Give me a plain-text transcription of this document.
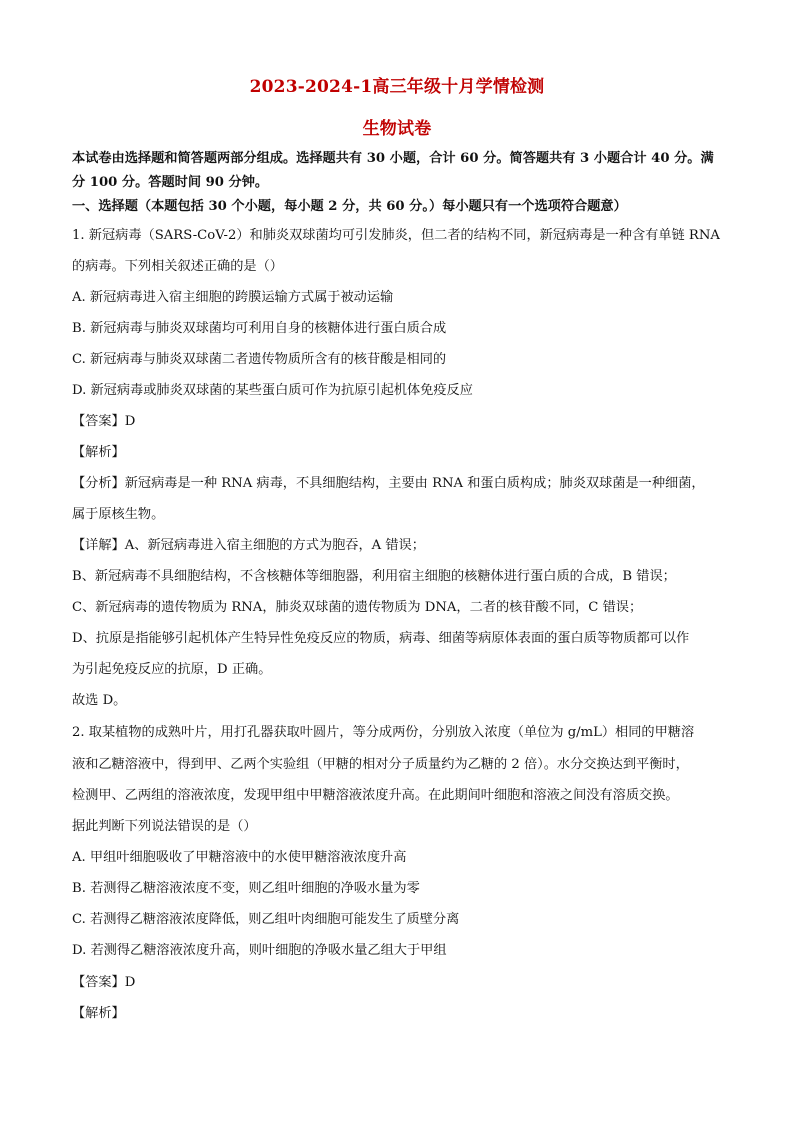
2023-2024-1高三年级十月学情检测
生物试卷
本试卷由选择题和简答题两部分组成。选择题共有 30 小题，合计 60 分。简答题共有 3 小题合计 40 分。满
分 100 分。答题时间 90 分钟。
一、选择题（本题包括 30 个小题，每小题 2 分，共 60 分。）每小题只有一个选项符合题意）
1. 新冠病毒（SARS-CoV-2）和肺炎双球菌均可引发肺炎，但二者的结构不同，新冠病毒是一种含有单链 RNA
的病毒。下列相关叙述正确的是（）
A. 新冠病毒进入宿主细胞的跨膜运输方式属于被动运输
B. 新冠病毒与肺炎双球菌均可利用自身的核糖体进行蛋白质合成
C. 新冠病毒与肺炎双球菌二者遗传物质所含有的核苷酸是相同的
D. 新冠病毒或肺炎双球菌的某些蛋白质可作为抗原引起机体免疫反应
【答案】D
【解析】
【分析】新冠病毒是一种 RNA 病毒，不具细胞结构，主要由 RNA 和蛋白质构成；肺炎双球菌是一种细菌，
属于原核生物。
【详解】A、新冠病毒进入宿主细胞的方式为胞吞，A 错误；
B、新冠病毒不具细胞结构，不含核糖体等细胞器，利用宿主细胞的核糖体进行蛋白质的合成，B 错误；
C、新冠病毒的遗传物质为 RNA，肺炎双球菌的遗传物质为 DNA，二者的核苷酸不同，C 错误；
D、抗原是指能够引起机体产生特异性免疫反应的物质，病毒、细菌等病原体表面的蛋白质等物质都可以作
为引起免疫反应的抗原，D 正确。
故选 D。
2. 取某植物的成熟叶片，用打孔器获取叶圆片，等分成两份，分别放入浓度（单位为 g/mL）相同的甲糖溶
液和乙糖溶液中，得到甲、乙两个实验组（甲糖的相对分子质量约为乙糖的 2 倍）。水分交换达到平衡时，
检测甲、乙两组的溶液浓度，发现甲组中甲糖溶液浓度升高。在此期间叶细胞和溶液之间没有溶质交换。
据此判断下列说法错误的是（）
A. 甲组叶细胞吸收了甲糖溶液中的水使甲糖溶液浓度升高
B. 若测得乙糖溶液浓度不变，则乙组叶细胞的净吸水量为零
C. 若测得乙糖溶液浓度降低，则乙组叶肉细胞可能发生了质壁分离
D. 若测得乙糖溶液浓度升高，则叶细胞的净吸水量乙组大于甲组
【答案】D
【解析】
